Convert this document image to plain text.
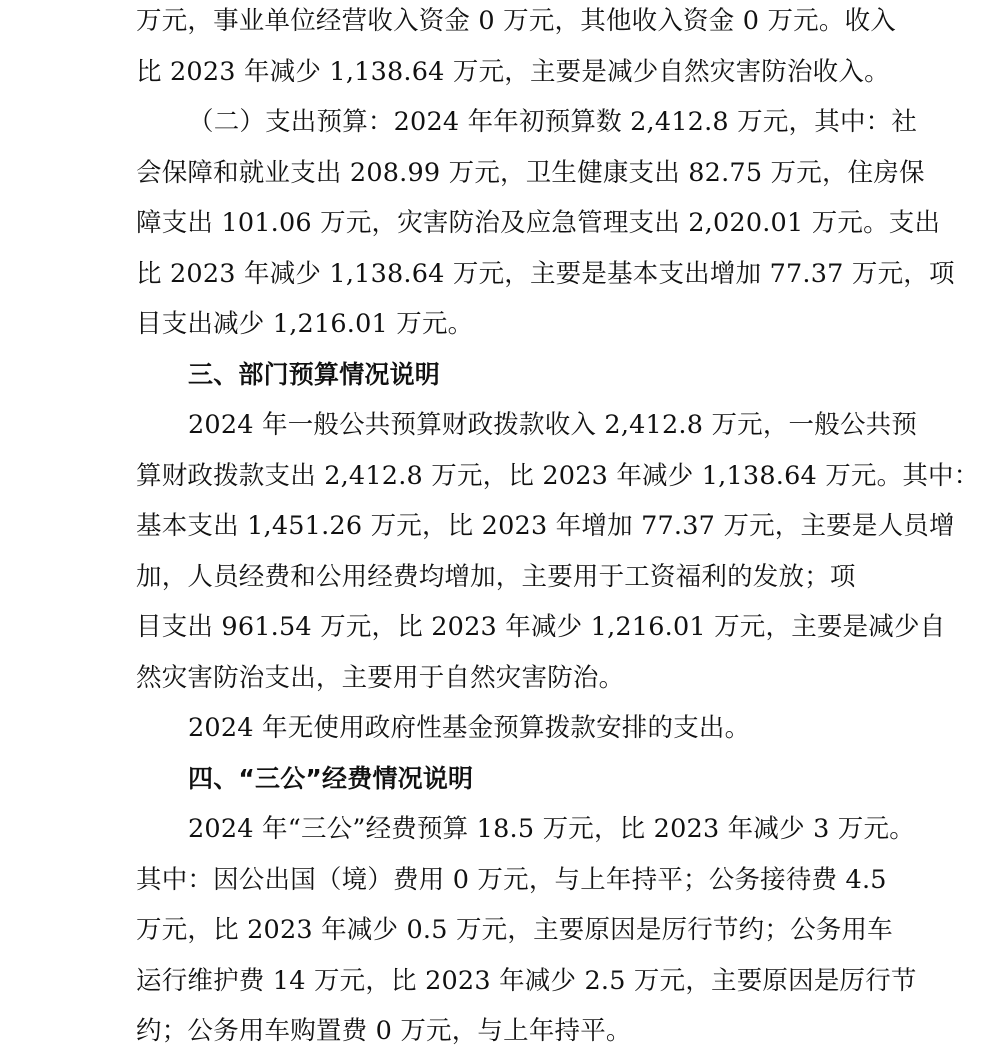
万元，事业单位经营收入资金 0 万元，其他收入资金 0 万元。收入
比 2023 年减少 1,138.64 万元，主要是减少自然灾害防治收入。
（二）支出预算：2024 年年初预算数 2,412.8 万元，其中：社
会保障和就业支出 208.99 万元，卫生健康支出 82.75 万元，住房保
障支出 101.06 万元，灾害防治及应急管理支出 2,020.01 万元。支出
比 2023 年减少 1,138.64 万元，主要是基本支出增加 77.37 万元，项
目支出减少 1,216.01 万元。
三、部门预算情况说明
2024 年一般公共预算财政拨款收入 2,412.8 万元，一般公共预
算财政拨款支出 2,412.8 万元，比 2023 年减少 1,138.64 万元。其中：
基本支出 1,451.26 万元，比 2023 年增加 77.37 万元，主要是人员增
加，人员经费和公用经费均增加，主要用于工资福利的发放；项
目支出 961.54 万元，比 2023 年减少 1,216.01 万元，主要是减少自
然灾害防治支出，主要用于自然灾害防治。
2024 年无使用政府性基金预算拨款安排的支出。
四、“三公”经费情况说明
2024 年“三公”经费预算 18.5 万元，比 2023 年减少 3 万元。
其中：因公出国（境）费用 0 万元，与上年持平；公务接待费 4.5
万元，比 2023 年减少 0.5 万元，主要原因是厉行节约；公务用车
运行维护费 14 万元，比 2023 年减少 2.5 万元，主要原因是厉行节
约；公务用车购置费 0 万元，与上年持平。
